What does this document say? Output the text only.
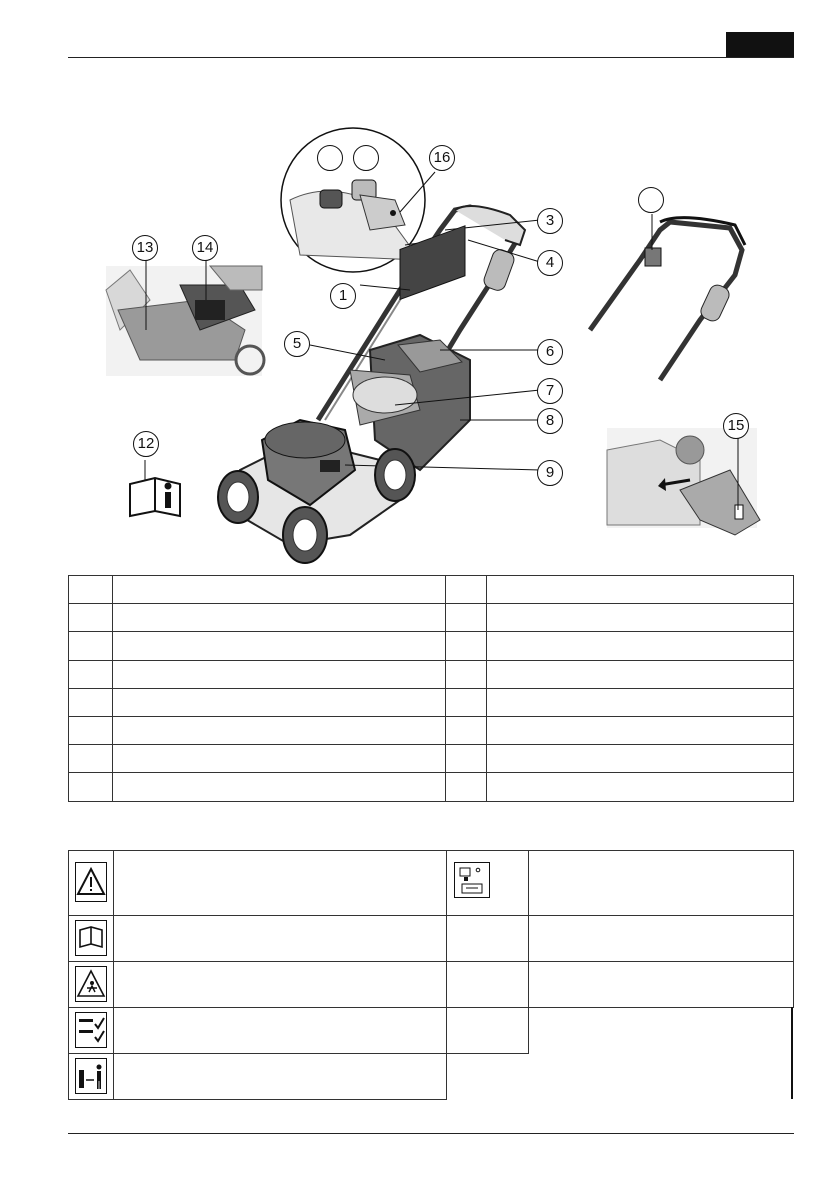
16
3
4
1
5	6
7
8
9
13	14
12
15
